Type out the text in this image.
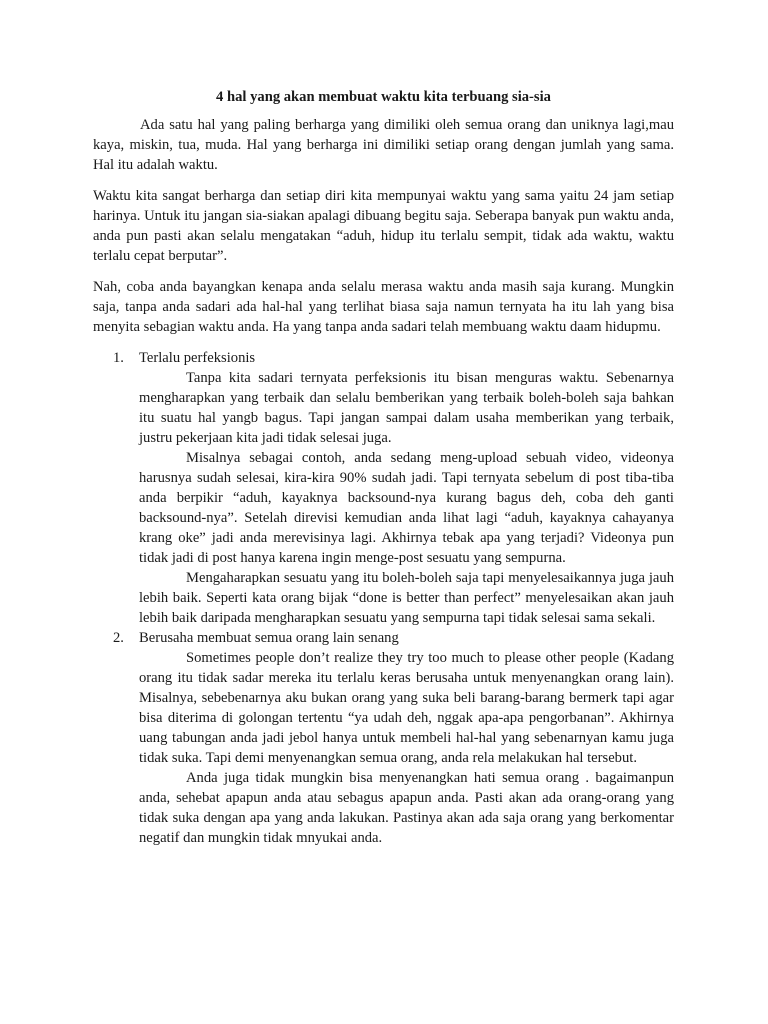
4 hal yang akan membuat waktu kita terbuang sia-sia

Ada satu hal yang paling berharga yang dimiliki oleh semua orang dan uniknya lagi,mau kaya, miskin, tua, muda. Hal yang berharga ini dimiliki setiap orang dengan jumlah yang sama. Hal itu adalah waktu.

Waktu kita sangat berharga dan setiap diri kita mempunyai waktu yang sama yaitu 24 jam setiap harinya. Untuk itu jangan sia-siakan apalagi dibuang begitu saja. Seberapa banyak pun waktu anda, anda pun pasti akan selalu mengatakan “aduh, hidup itu terlalu sempit, tidak ada waktu, waktu terlalu cepat berputar”.

Nah, coba anda bayangkan kenapa anda selalu merasa waktu anda masih saja kurang. Mungkin saja, tanpa anda sadari ada hal-hal yang terlihat biasa saja namun ternyata ha itu lah yang bisa menyita sebagian waktu anda. Ha yang tanpa anda sadari telah membuang waktu daam hidupmu.

1. Terlalu perfeksionis

Tanpa kita sadari ternyata perfeksionis itu bisan menguras waktu. Sebenarnya mengharapkan yang terbaik dan selalu bemberikan yang terbaik boleh-boleh saja bahkan itu suatu hal yangb bagus. Tapi jangan sampai dalam usaha memberikan yang terbaik, justru pekerjaan kita jadi tidak selesai juga.

Misalnya sebagai contoh, anda sedang meng-upload sebuah video, videonya harusnya sudah selesai, kira-kira 90% sudah jadi. Tapi ternyata sebelum di post tiba-tiba anda berpikir “aduh, kayaknya backsound-nya kurang bagus deh, coba deh ganti backsound-nya”. Setelah direvisi kemudian anda lihat lagi “aduh, kayaknya cahayanya krang oke” jadi anda merevisinya lagi. Akhirnya tebak apa yang terjadi? Videonya pun tidak jadi di post hanya karena ingin menge-post sesuatu yang sempurna.

Mengaharapkan sesuatu yang itu boleh-boleh saja tapi menyelesaikannya juga jauh lebih baik. Seperti kata orang bijak “done is better than perfect” menyelesaikan akan jauh lebih baik daripada mengharapkan sesuatu yang sempurna tapi tidak selesai sama sekali.

2. Berusaha membuat semua orang lain senang

Sometimes people don’t realize they try too much to please other people (Kadang orang itu tidak sadar mereka itu terlalu keras berusaha untuk menyenangkan orang lain). Misalnya, sebebenarnya aku bukan orang yang suka beli barang-barang bermerk tapi agar bisa diterima di golongan tertentu “ya udah deh, nggak apa-apa pengorbanan”. Akhirnya uang tabungan anda jadi jebol hanya untuk membeli hal-hal yang sebenarnyan kamu juga tidak suka. Tapi demi menyenangkan semua orang, anda rela melakukan hal tersebut.

Anda juga tidak mungkin bisa menyenangkan hati semua orang . bagaimanpun anda, sehebat apapun anda atau sebagus apapun anda. Pasti akan ada orang-orang yang tidak suka dengan apa yang anda lakukan. Pastinya akan ada saja orang yang berkomentar negatif dan mungkin tidak mnyukai anda.
